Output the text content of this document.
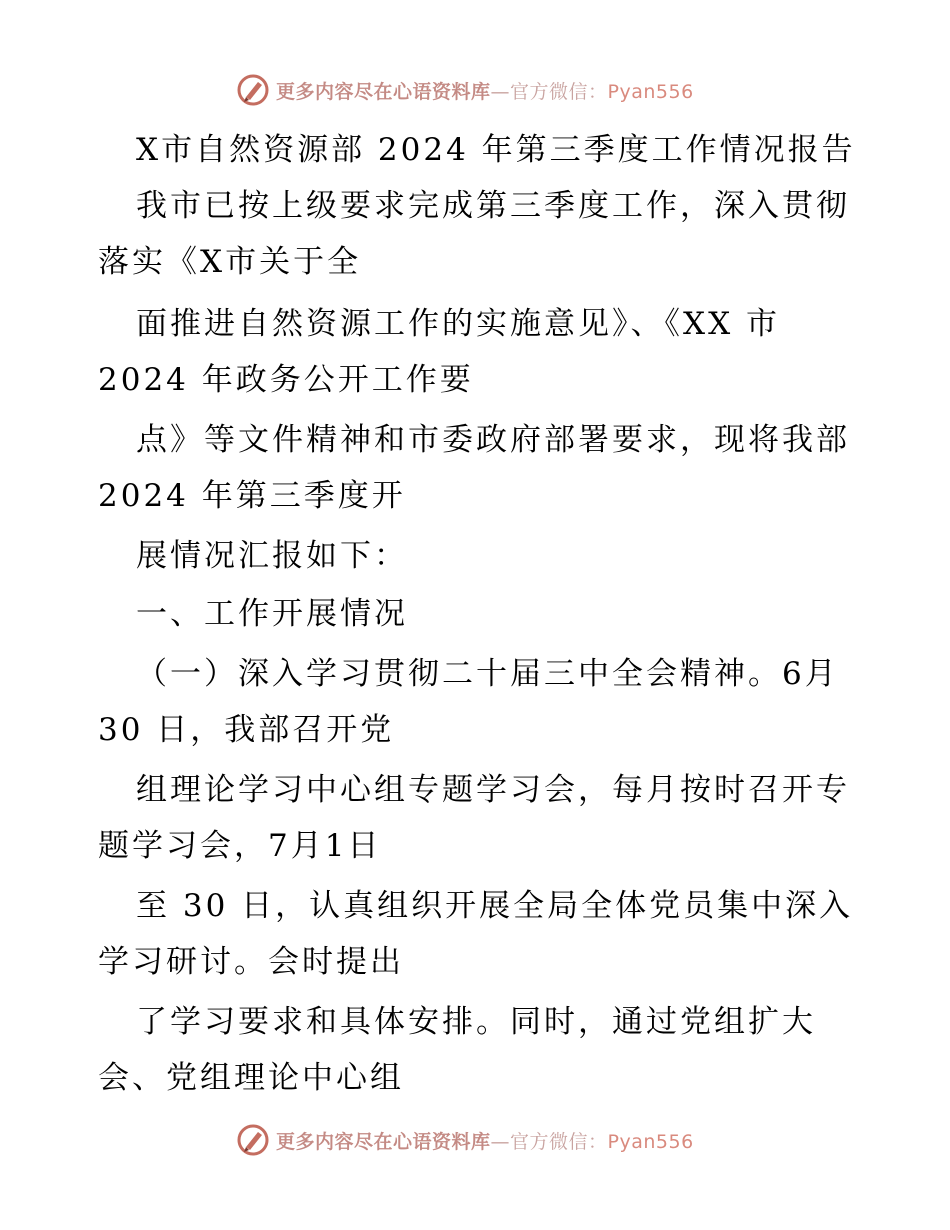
更多内容尽在心语资料库—官方微信：Pyan556
X市自然资源部 2024 年第三季度工作情况报告
我市已按上级要求完成第三季度工作，深入贯彻
落实《X市关于全
面推进自然资源工作的实施意见》、《XX 市
2024 年政务公开工作要
点》等文件精神和市委政府部署要求，现将我部
2024 年第三季度开
展情况汇报如下：
一、工作开展情况
（一）深入学习贯彻二十届三中全会精神。6月
30 日，我部召开党
组理论学习中心组专题学习会，每月按时召开专
题学习会，7月1日
至 30 日，认真组织开展全局全体党员集中深入
学习研讨。会时提出
了学习要求和具体安排。同时，通过党组扩大
会、党组理论中心组
更多内容尽在心语资料库—官方微信：Pyan556
